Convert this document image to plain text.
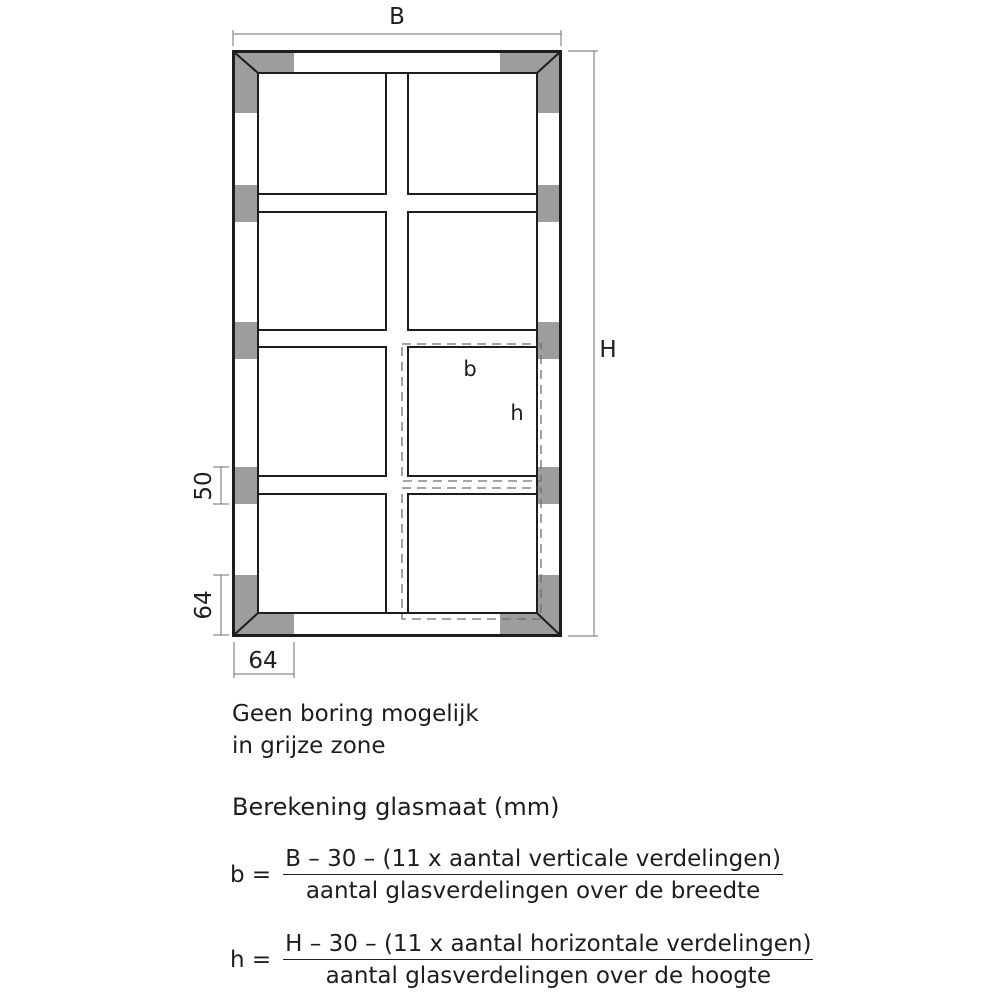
B
H
b
h
50
64
64
Geen boring mogelijk
in grijze zone
Berekening glasmaat (mm)
$b = \frac{\text{B – 30 – (11 x aantal verticale verdelingen)}}{\text{aantal glasverdelingen over de breedte}}$
$h = \frac{\text{H – 30 – (11 x aantal horizontale verdelingen)}}{\text{aantal glasverdelingen over de hoogte}}$
